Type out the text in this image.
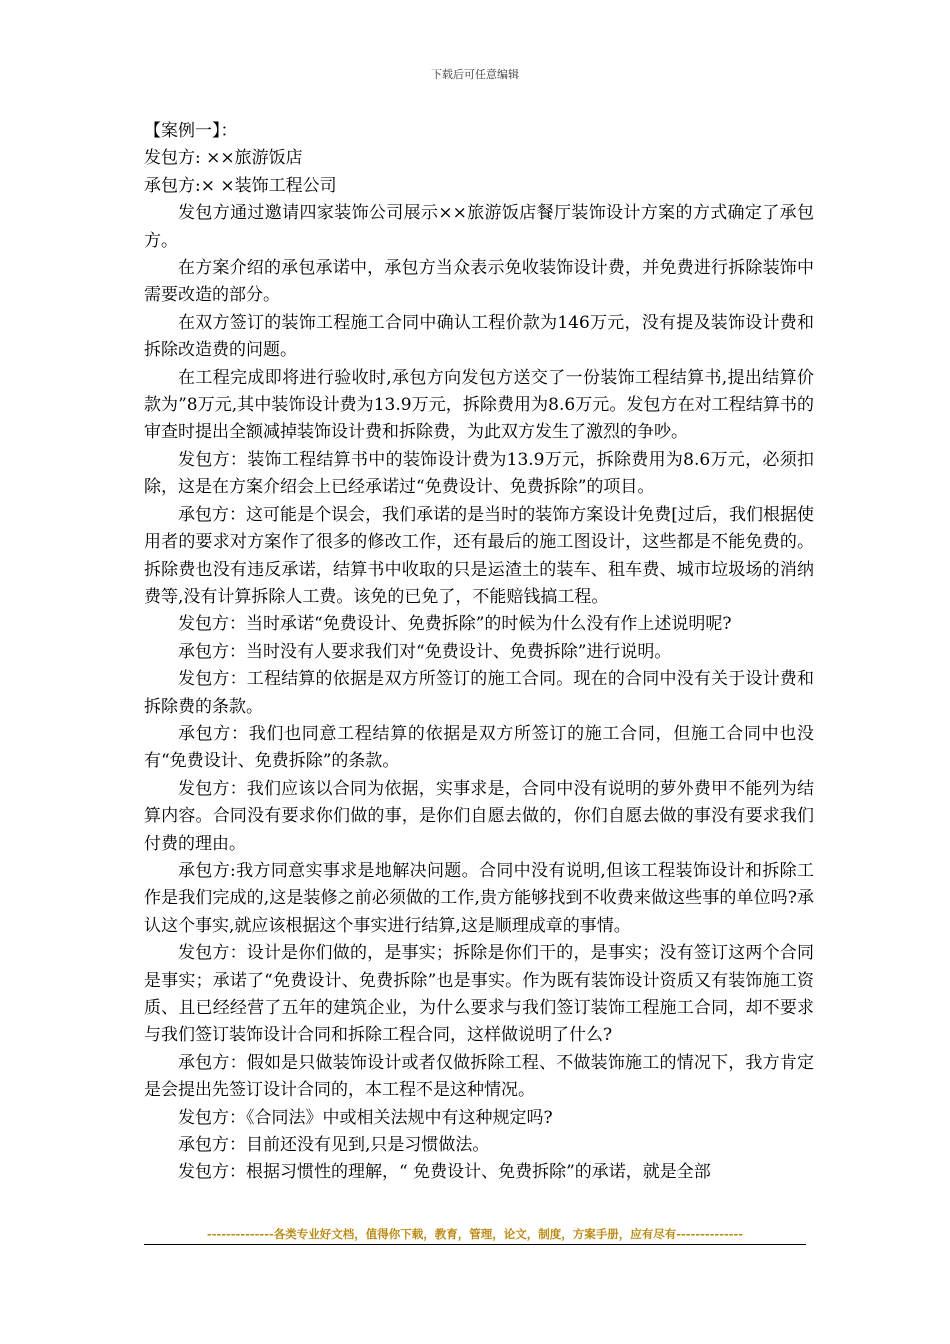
下载后可任意编辑

【案例一】：

发包方: ××旅游饭店

承包方:× ×装饰工程公司

发包方通过邀请四家装饰公司展示××旅游饭店餐厅装饰设计方案的方式确定了承包方。

在方案介绍的承包承诺中，承包方当众表示免收装饰设计费，并免费进行拆除装饰中需要改造的部分。

在双方签订的装饰工程施工合同中确认工程价款为146万元，没有提及装饰设计费和拆除改造费的问题。

在工程完成即将进行验收时,承包方向发包方送交了一份装饰工程结算书,提出结算价款为”8万元,其中装饰设计费为13.9万元，拆除费用为8.6万元。发包方在对工程结算书的审查时提出全额减掉装饰设计费和拆除费，为此双方发生了激烈的争吵。

发包方：装饰工程结算书中的装饰设计费为13.9万元，拆除费用为8.6万元，必须扣除，这是在方案介绍会上已经承诺过“免费设计、免费拆除”的项目。

承包方：这可能是个误会，我们承诺的是当时的装饰方案设计免费[过后，我们根据使用者的要求对方案作了很多的修改工作，还有最后的施工图设计，这些都是不能免费的。拆除费也没有违反承诺，结算书中收取的只是运渣土的装车、租车费、城市垃圾场的消纳费等,没有计算拆除人工费。该免的已免了，不能赔钱搞工程。

发包方：当时承诺“免费设计、免费拆除”的时候为什么没有作上述说明呢?

承包方：当时没有人要求我们对“免费设计、免费拆除”进行说明。

发包方：工程结算的依据是双方所签订的施工合同。现在的合同中没有关于设计费和拆除费的条款。

承包方：我们也同意工程结算的依据是双方所签订的施工合同，但施工合同中也没有“免费设计、免费拆除”的条款。

发包方：我们应该以合同为依据，实事求是，合同中没有说明的萝外费甲不能列为结算内容。合同没有要求你们做的事，是你们自愿去做的，你们自愿去做的事没有要求我们付费的理由。

承包方:我方同意实事求是地解决问题。合同中没有说明,但该工程装饰设计和拆除工作是我们完成的,这是装修之前必须做的工作,贵方能够找到不收费来做这些事的单位吗?承认这个事实,就应该根据这个事实进行结算,这是顺理成章的事情。

发包方：设计是你们做的，是事实；拆除是你们干的，是事实；没有签订这两个合同是事实；承诺了“免费设计、免费拆除”也是事实。作为既有装饰设计资质又有装饰施工资质、且已经经营了五年的建筑企业，为什么要求与我们签订装饰工程施工合同，却不要求与我们签订装饰设计合同和拆除工程合同，这样做说明了什么?

承包方：假如是只做装饰设计或者仅做拆除工程、不做装饰施工的情况下，我方肯定是会提出先签订设计合同的，本工程不是这种情况。

发包方：《合同法》中或相关法规中有这种规定吗?

承包方：目前还没有见到,只是习惯做法。

发包方：根据习惯性的理解，“ 免费设计、免费拆除”的承诺，就是全部

--------------各类专业好文档，值得你下载，教育，管理，论文，制度，方案手册，应有尽有--------------
